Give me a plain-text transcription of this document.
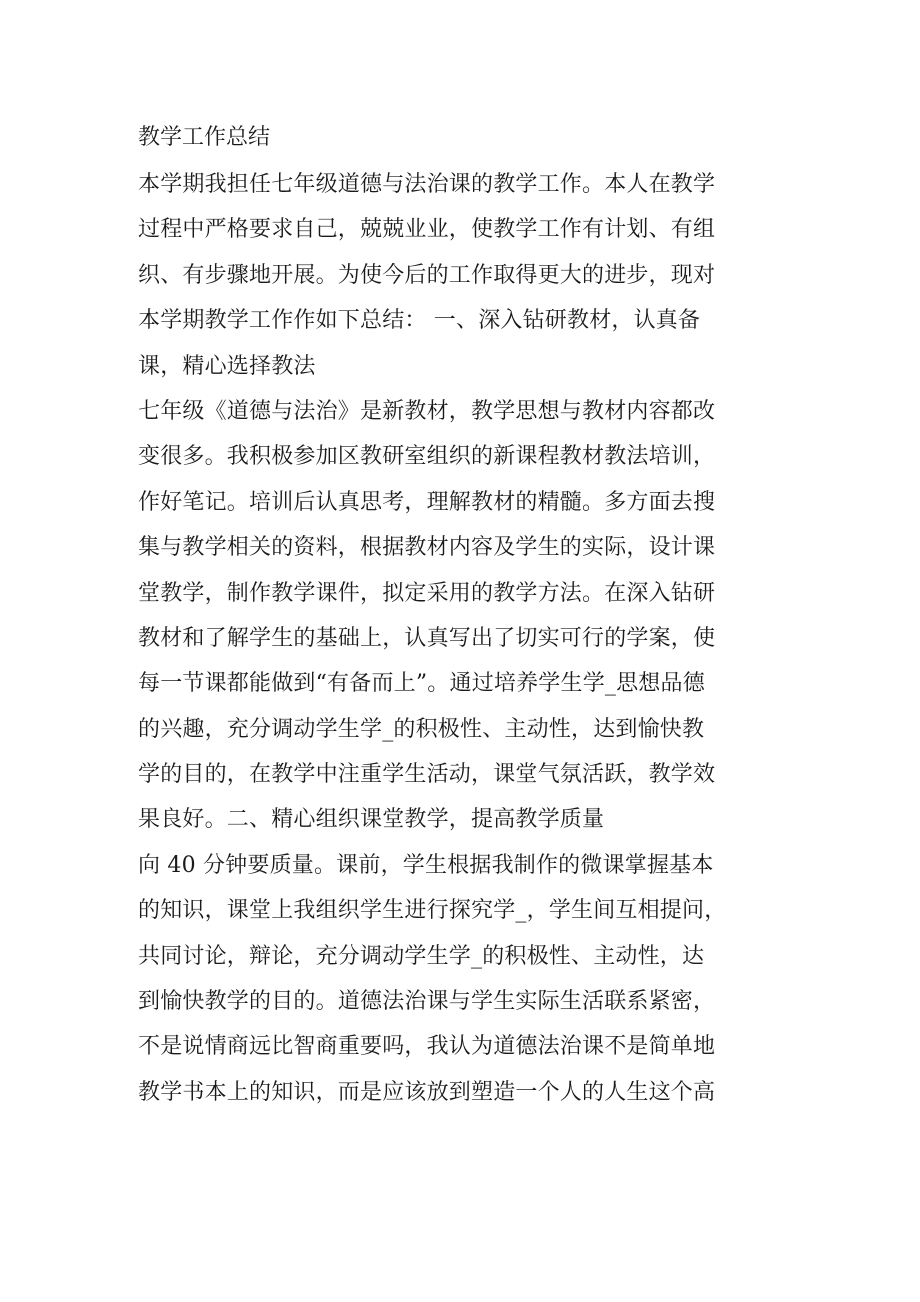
教学工作总结
本学期我担任七年级道德与法治课的教学工作。本人在教学
过程中严格要求自己，兢兢业业，使教学工作有计划、有组
织、有步骤地开展。为使今后的工作取得更大的进步，现对
本学期教学工作作如下总结： 一、深入钻研教材，认真备
课，精心选择教法
七年级《道德与法治》是新教材，教学思想与教材内容都改
变很多。我积极参加区教研室组织的新课程教材教法培训，
作好笔记。培训后认真思考，理解教材的精髓。多方面去搜
集与教学相关的资料，根据教材内容及学生的实际，设计课
堂教学，制作教学课件，拟定采用的教学方法。在深入钻研
教材和了解学生的基础上，认真写出了切实可行的学案，使
每一节课都能做到“有备而上”。通过培养学生学_思想品德
的兴趣，充分调动学生学_的积极性、主动性，达到愉快教
学的目的，在教学中注重学生活动，课堂气氛活跃，教学效
果良好。二、精心组织课堂教学，提高教学质量
向 40 分钟要质量。课前，学生根据我制作的微课掌握基本
的知识，课堂上我组织学生进行探究学_，学生间互相提问，
共同讨论，辩论，充分调动学生学_的积极性、主动性，达
到愉快教学的目的。道德法治课与学生实际生活联系紧密，
不是说情商远比智商重要吗，我认为道德法治课不是简单地
教学书本上的知识，而是应该放到塑造一个人的人生这个高
